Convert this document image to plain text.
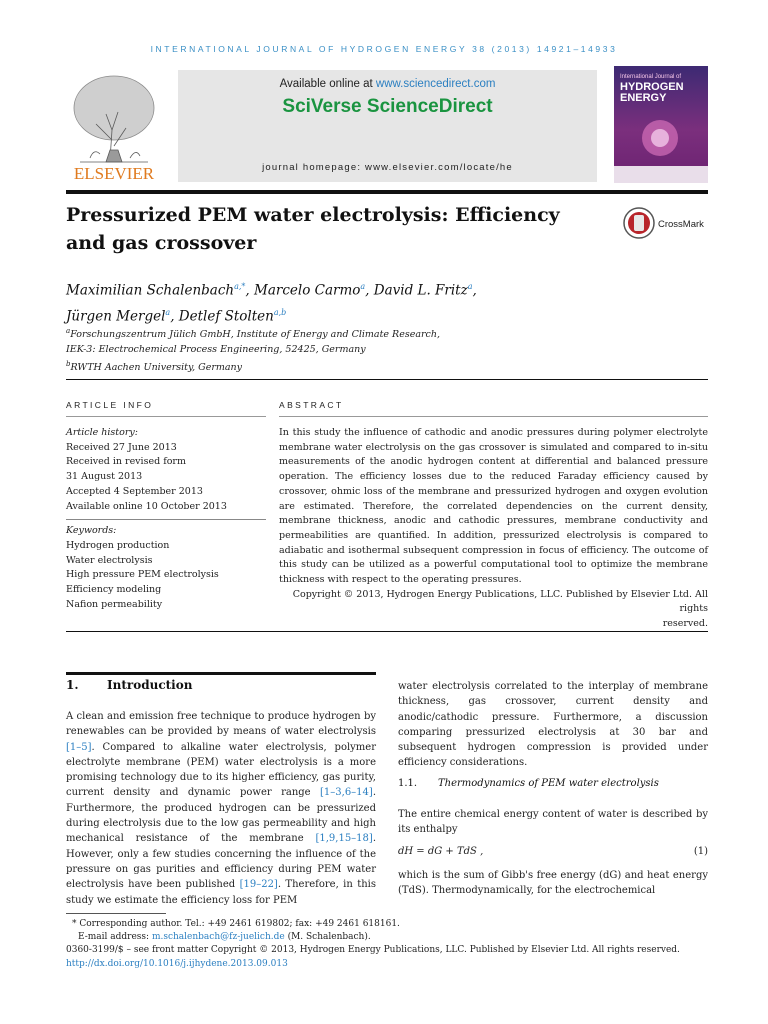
INTERNATIONAL JOURNAL OF HYDROGEN ENERGY 38 (2013) 14921–14933
ELSEVIER
Available online at www.sciencedirect.com
SciVerse ScienceDirect
journal homepage: www.elsevier.com/locate/he
International Journal of
HYDROGEN
ENERGY
Pressurized PEM water electrolysis: Efficiency
and gas crossover
CrossMark
Maximilian Schalenbach$^{a,*}$, Marcelo Carmo$^a$, David L. Fritz$^a$,
Jürgen Mergel$^a$, Detlef Stolten$^{a,b}$
$^a$Forschungszentrum Jülich GmbH, Institute of Energy and Climate Research,
IEK-3: Electrochemical Process Engineering, 52425, Germany
$^b$RWTH Aachen University, Germany
ARTICLE INFO	ABSTRACT
Article history:
Received 27 June 2013
Received in revised form
31 August 2013
Accepted 4 September 2013
Available online 10 October 2013
Keywords:
Hydrogen production
Water electrolysis
High pressure PEM electrolysis
Efficiency modeling
Nafion permeability
In this study the influence of cathodic and anodic pressures during polymer electrolyte membrane water electrolysis on the gas crossover is simulated and compared to in-situ measurements of the anodic hydrogen content at differential and balanced pressure operation. The efficiency losses due to the reduced Faraday efficiency caused by crossover, ohmic loss of the membrane and pressurized hydrogen and oxygen evolution are estimated. Therefore, the correlated dependencies on the current density, membrane thickness, anodic and cathodic pressures, membrane conductivity and permeabilities are quantified. In addition, pressurized electrolysis is compared to adiabatic and isothermal subsequent compression in focus of efficiency. The outcome of this study can be utilized as a powerful computational tool to optimize the membrane thickness with respect to the operating pressures.
Copyright © 2013, Hydrogen Energy Publications, LLC. Published by Elsevier Ltd. All rights
reserved.
1. Introduction
A clean and emission free technique to produce hydrogen by renewables can be provided by means of water electrolysis [1–5]. Compared to alkaline water electrolysis, polymer electrolyte membrane (PEM) water electrolysis is a more promising technology due to its higher efficiency, gas purity, current density and dynamic power range [1–3,6–14]. Furthermore, the produced hydrogen can be pressurized during electrolysis due to the low gas permeability and high mechanical resistance of the membrane [1,9,15–18]. However, only a few studies concerning the influence of the pressure on gas purities and efficiency during PEM water electrolysis have been published [19–22]. Therefore, in this study we estimate the efficiency loss for PEM
water electrolysis correlated to the interplay of membrane thickness, gas crossover, current density and anodic/cathodic pressure. Furthermore, a discussion comparing pressurized electrolysis at 30 bar and subsequent hydrogen compression is provided under efficiency considerations.
1.1. Thermodynamics of PEM water electrolysis
The entire chemical energy content of water is described by its enthalpy
dH = dG + TdS ,	(1)
which is the sum of Gibb's free energy (dG) and heat energy (TdS). Thermodynamically, for the electrochemical
* Corresponding author. Tel.: +49 2461 619802; fax: +49 2461 618161.
E-mail address: m.schalenbach@fz-juelich.de (M. Schalenbach).
0360-3199/$ – see front matter Copyright © 2013, Hydrogen Energy Publications, LLC. Published by Elsevier Ltd. All rights reserved.
http://dx.doi.org/10.1016/j.ijhydene.2013.09.013
